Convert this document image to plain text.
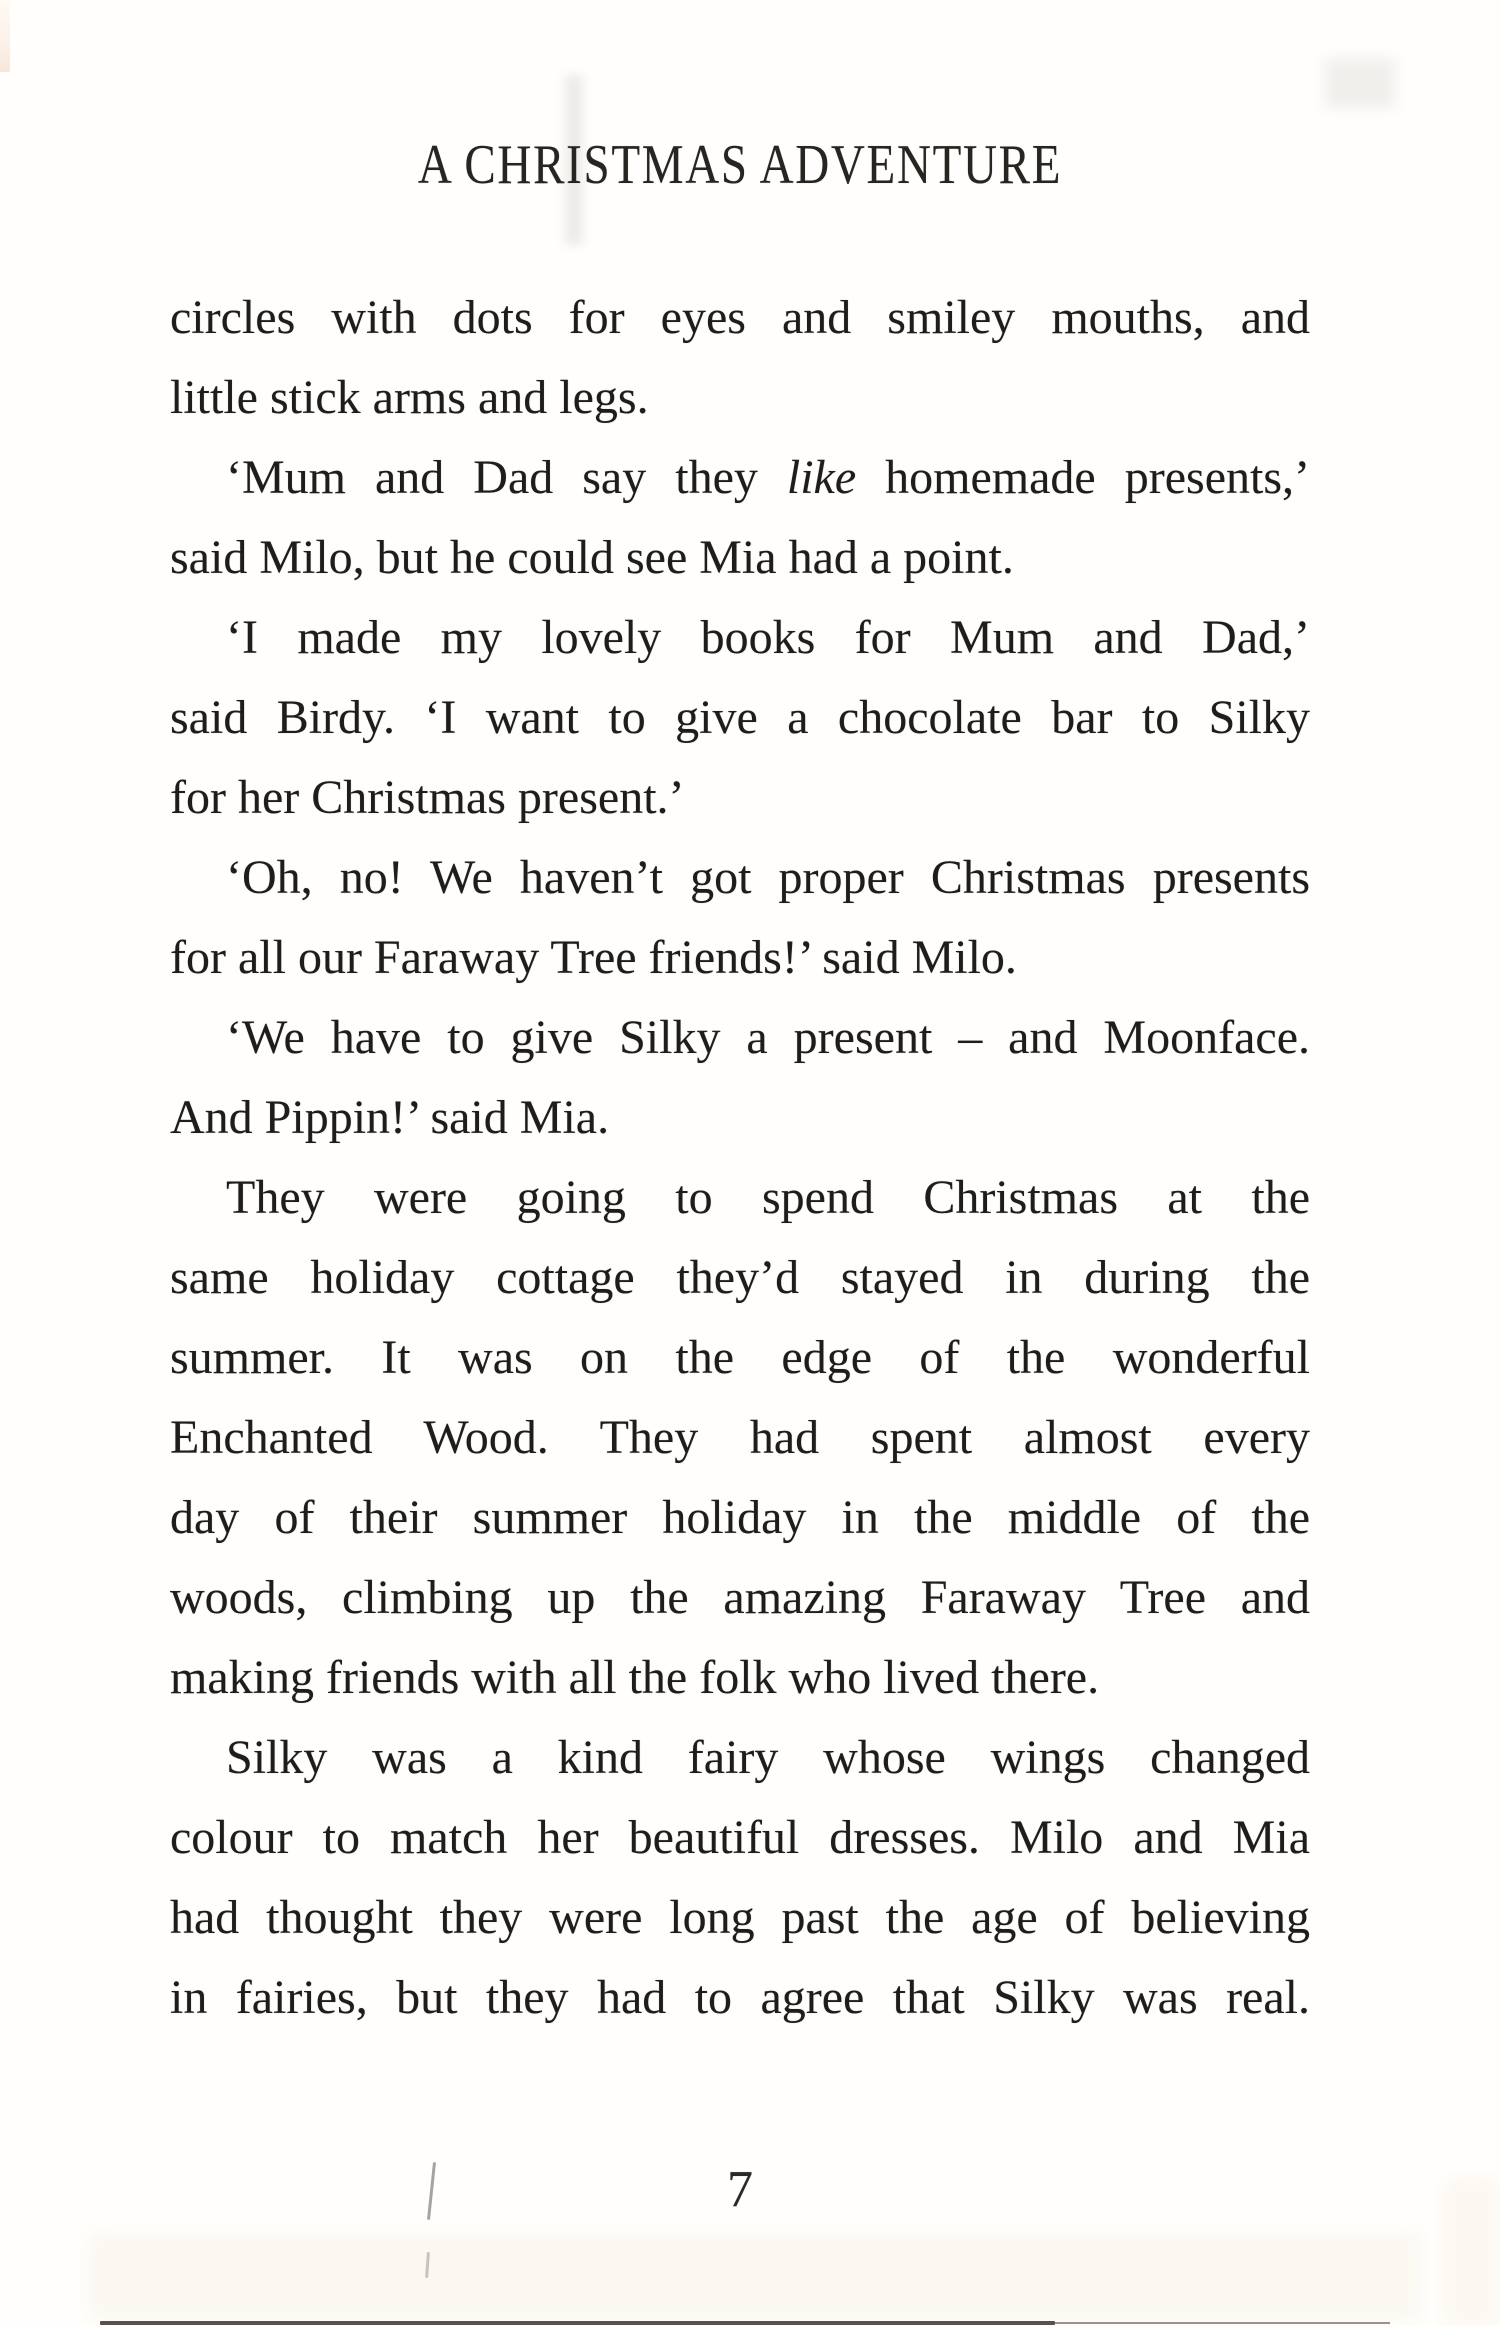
A CHRISTMAS ADVENTURE
circles with dots for eyes and smiley mouths, and
little stick arms and legs.
‘Mum and Dad say they like homemade presents,’
said Milo, but he could see Mia had a point.
‘I made my lovely books for Mum and Dad,’
said Birdy. ‘I want to give a chocolate bar to Silky
for her Christmas present.’
‘Oh, no! We haven’t got proper Christmas presents
for all our Faraway Tree friends!’ said Milo.
‘We have to give Silky a present – and Moonface.
And Pippin!’ said Mia.
They were going to spend Christmas at the
same holiday cottage they’d stayed in during the
summer. It was on the edge of the wonderful
Enchanted Wood. They had spent almost every
day of their summer holiday in the middle of the
woods, climbing up the amazing Faraway Tree and
making friends with all the folk who lived there.
Silky was a kind fairy whose wings changed
colour to match her beautiful dresses. Milo and Mia
had thought they were long past the age of believing
in fairies, but they had to agree that Silky was real.
7
